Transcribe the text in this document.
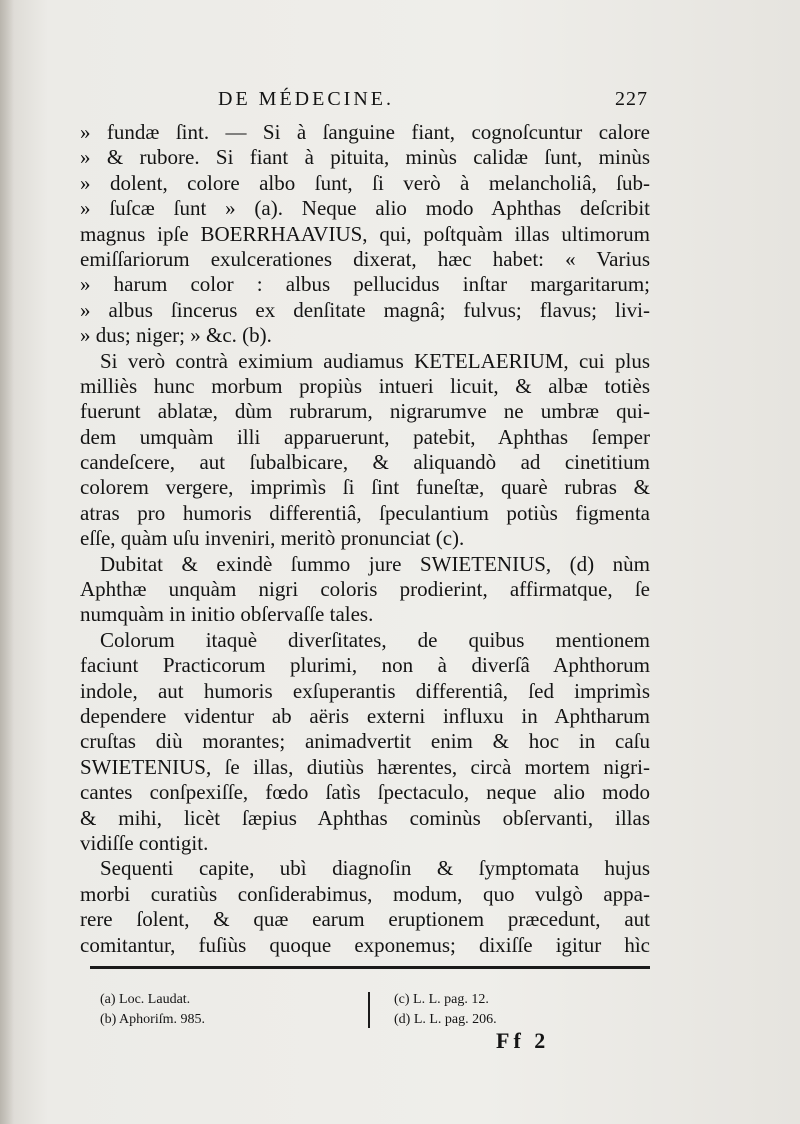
DE MÉDECINE.	227
» fundæ ſint. — Si à ſanguine fiant, cognoſcuntur calore
» & rubore. Si fiant à pituita, minùs calidæ ſunt, minùs
» dolent, colore albo ſunt, ſi verò à melancholiâ, ſub-
» ſuſcæ ſunt » (a). Neque alio modo Aphthas deſcribit
magnus ipſe BOERRHAAVIUS, qui, poſtquàm illas ultimorum
emiſſariorum exulcerationes dixerat, hæc habet: « Varius
» harum color : albus pellucidus inſtar margaritarum;
» albus ſincerus ex denſitate magnâ; fulvus; flavus; livi-
» dus; niger; » &c. (b).
Si verò contrà eximium audiamus KETELAERIUM, cui plus
milliès hunc morbum propiùs intueri licuit, & albæ totiès
fuerunt ablatæ, dùm rubrarum, nigrarumve ne umbræ qui-
dem umquàm illi apparuerunt, patebit, Aphthas ſemper
candeſcere, aut ſubalbicare, & aliquandò ad cinetitium
colorem vergere, imprimìs ſi ſint funeſtæ, quarè rubras &
atras pro humoris differentiâ, ſpeculantium potiùs figmenta
eſſe, quàm uſu inveniri, meritò pronunciat (c).
Dubitat & exindè ſummo jure SWIETENIUS, (d) nùm
Aphthæ unquàm nigri coloris prodierint, affirmatque, ſe
numquàm in initio obſervaſſe tales.
Colorum itaquè diverſitates, de quibus mentionem
faciunt Practicorum plurimi, non à diverſâ Aphthorum
indole, aut humoris exſuperantis differentiâ, ſed imprimìs
dependere videntur ab aëris externi influxu in Aphtharum
cruſtas diù morantes; animadvertit enim & hoc in caſu
SWIETENIUS, ſe illas, diutiùs hærentes, circà mortem nigri-
cantes conſpexiſſe, fœdo ſatìs ſpectaculo, neque alio modo
& mihi, licèt ſæpius Aphthas cominùs obſervanti, illas
vidiſſe contigit.
Sequenti capite, ubì diagnoſin & ſymptomata hujus
morbi curatiùs conſiderabimus, modum, quo vulgò appa-
rere ſolent, & quæ earum eruptionem præcedunt, aut
comitantur, fuſiùs quoque exponemus; dixiſſe igitur hìc
(a) Loc. Laudat.
(b) Aphoriſm. 985.
(c) L. L. pag. 12.
(d) L. L. pag. 206.
Ff 2
